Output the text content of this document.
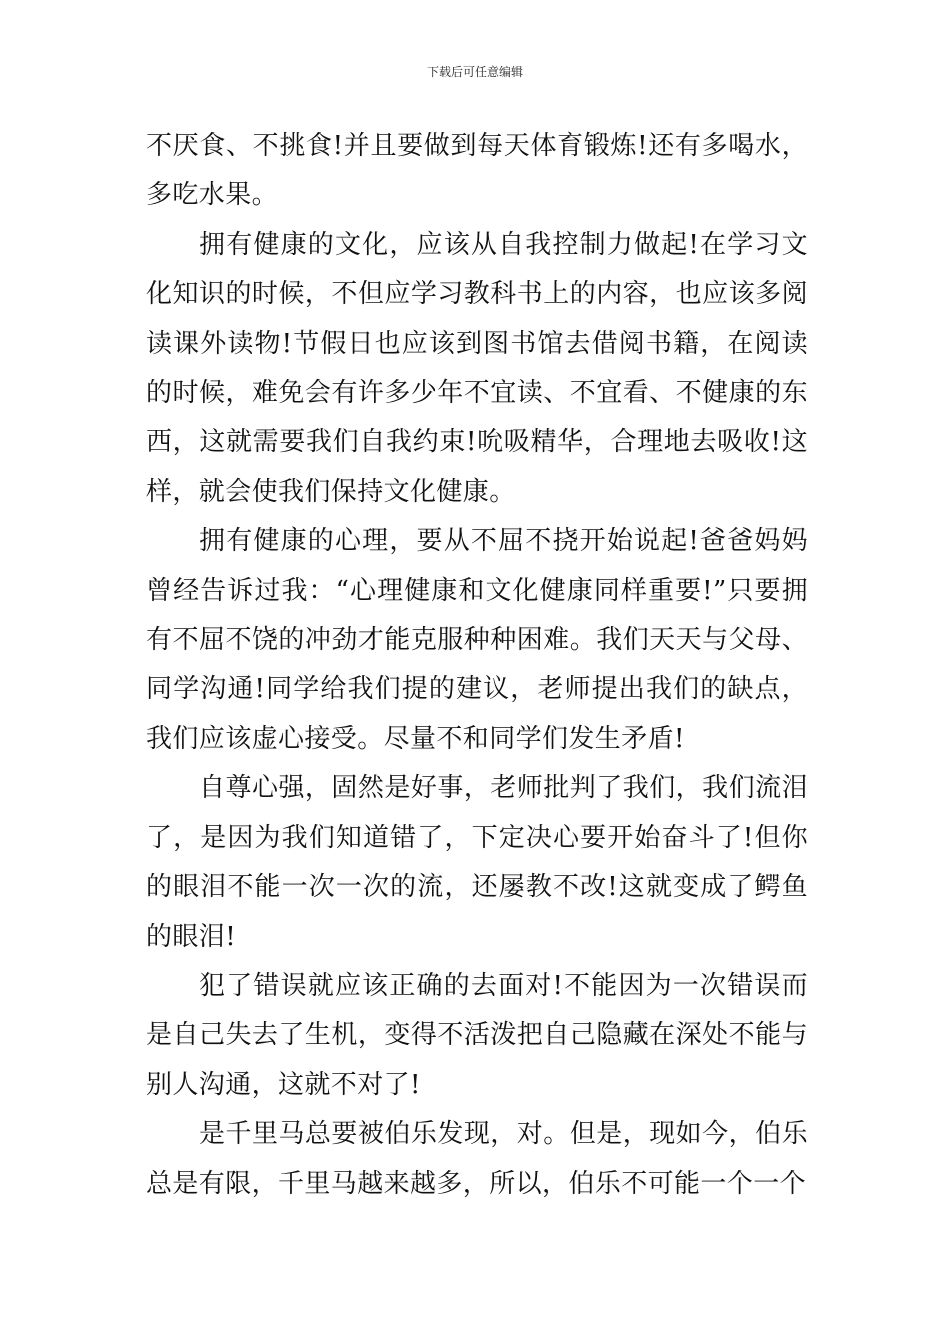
下载后可任意编辑

不厌食、不挑食!并且要做到每天体育锻炼!还有多喝水，多吃水果。

拥有健康的文化，应该从自我控制力做起!在学习文化知识的时候，不但应学习教科书上的内容，也应该多阅读课外读物!节假日也应该到图书馆去借阅书籍，在阅读的时候，难免会有许多少年不宜读、不宜看、不健康的东西，这就需要我们自我约束!吮吸精华，合理地去吸收!这样，就会使我们保持文化健康。

拥有健康的心理，要从不屈不挠开始说起!爸爸妈妈曾经告诉过我：“心理健康和文化健康同样重要!”只要拥有不屈不饶的冲劲才能克服种种困难。我们天天与父母、同学沟通!同学给我们提的建议，老师提出我们的缺点，我们应该虚心接受。尽量不和同学们发生矛盾!

自尊心强，固然是好事，老师批判了我们，我们流泪了，是因为我们知道错了，下定决心要开始奋斗了!但你的眼泪不能一次一次的流，还屡教不改!这就变成了鳄鱼的眼泪!

犯了错误就应该正确的去面对!不能因为一次错误而是自己失去了生机，变得不活泼把自己隐藏在深处不能与别人沟通，这就不对了!

是千里马总要被伯乐发现，对。但是，现如今，伯乐总是有限，千里马越来越多，所以，伯乐不可能一个一个
